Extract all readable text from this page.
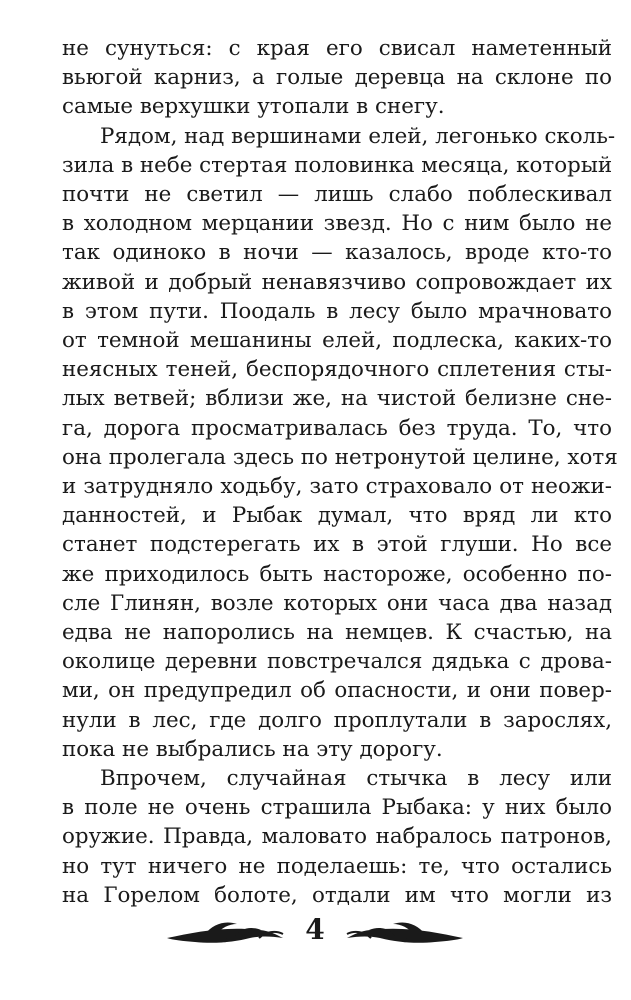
не сунуться: с края его свисал наметенный
вьюгой карниз, а голые деревца на склоне по
самые верхушки утопали в снегу.
Рядом, над вершинами елей, легонько сколь-
зила в небе стертая половинка месяца, который
почти не светил — лишь слабо поблескивал
в холодном мерцании звезд. Но с ним было не
так одиноко в ночи — казалось, вроде кто-то
живой и добрый ненавязчиво сопровождает их
в этом пути. Поодаль в лесу было мрачновато
от темной мешанины елей, подлеска, каких-то
неясных теней, беспорядочного сплетения сты-
лых ветвей; вблизи же, на чистой белизне сне-
га, дорога просматривалась без труда. То, что
она пролегала здесь по нетронутой целине, хотя
и затрудняло ходьбу, зато страховало от неожи-
данностей, и Рыбак думал, что вряд ли кто
станет подстерегать их в этой глуши. Но все
же приходилось быть настороже, особенно по-
сле Глинян, возле которых они часа два назад
едва не напоролись на немцев. К счастью, на
околице деревни повстречался дядька с дрова-
ми, он предупредил об опасности, и они повер-
нули в лес, где долго проплутали в зарослях,
пока не выбрались на эту дорогу.
Впрочем, случайная стычка в лесу или
в поле не очень страшила Рыбака: у них было
оружие. Правда, маловато набралось патронов,
но тут ничего не поделаешь: те, что остались
на Горелом болоте, отдали им что могли из
4
